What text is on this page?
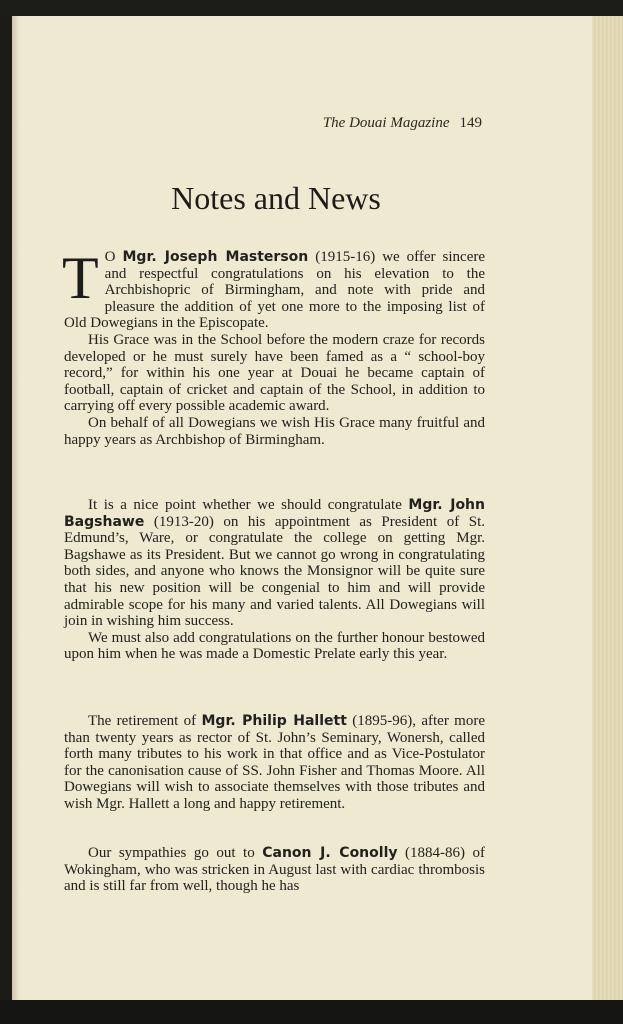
The Douai Magazine 149
Notes and News

T O Mgr. Joseph Masterson (1915-16) we offer sincere and respectful congratulations on his elevation to the Archbishopric of Birmingham, and note with pride and pleasure the addition of yet one more to the imposing list of Old Dowegians in the Episcopate.

His Grace was in the School before the modern craze for records developed or he must surely have been famed as a “ school-boy record,” for within his one year at Douai he became captain of football, captain of cricket and captain of the School, in addition to carrying off every possible academic award.

On behalf of all Dowegians we wish His Grace many fruitful and happy years as Archbishop of Birmingham.

It is a nice point whether we should congratulate Mgr. John Bagshawe (1913-20) on his appointment as President of St. Edmund’s, Ware, or congratulate the college on getting Mgr. Bagshawe as its President. But we cannot go wrong in congratulating both sides, and anyone who knows the Monsignor will be quite sure that his new position will be congenial to him and will provide admirable scope for his many and varied talents. All Dowegians will join in wishing him success.

We must also add congratulations on the further honour bestowed upon him when he was made a Domestic Prelate early this year.

The retirement of Mgr. Philip Hallett (1895-96), after more than twenty years as rector of St. John’s Seminary, Wonersh, called forth many tributes to his work in that office and as Vice-Postulator for the canonisation cause of SS. John Fisher and Thomas Moore. All Dowegians will wish to associate themselves with those tributes and wish Mgr. Hallett a long and happy retirement.

Our sympathies go out to Canon J. Conolly (1884-86) of Wokingham, who was stricken in August last with cardiac thrombosis and is still far from well, though he has
